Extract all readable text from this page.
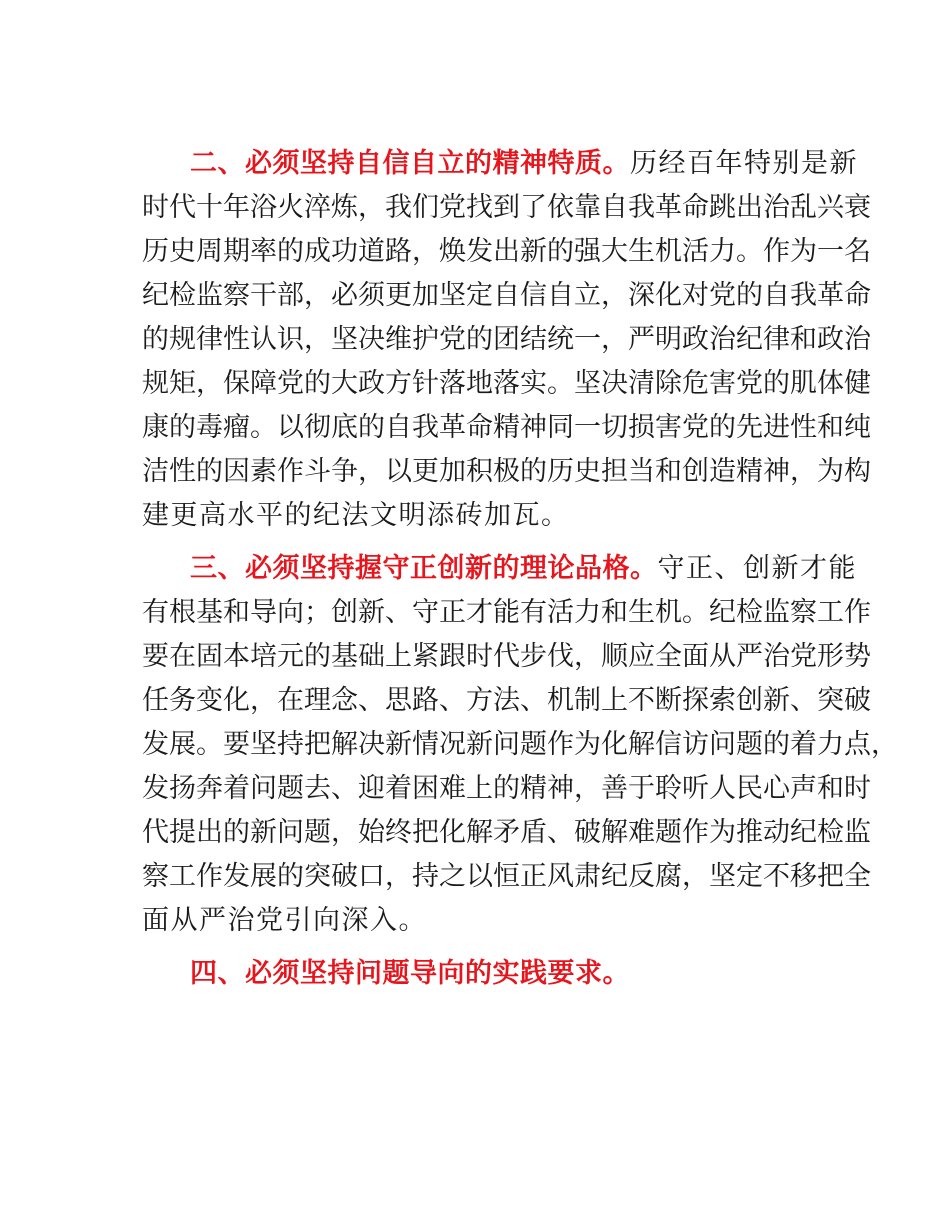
二、必须坚持自信自立的精神特质。历经百年特别是新
时代十年浴火淬炼，我们党找到了依靠自我革命跳出治乱兴衰
历史周期率的成功道路，焕发出新的强大生机活力。作为一名
纪检监察干部，必须更加坚定自信自立，深化对党的自我革命
的规律性认识，坚决维护党的团结统一，严明政治纪律和政治
规矩，保障党的大政方针落地落实。坚决清除危害党的肌体健
康的毒瘤。以彻底的自我革命精神同一切损害党的先进性和纯
洁性的因素作斗争，以更加积极的历史担当和创造精神，为构
建更高水平的纪法文明添砖加瓦。
三、必须坚持握守正创新的理论品格。守正、创新才能
有根基和导向；创新、守正才能有活力和生机。纪检监察工作
要在固本培元的基础上紧跟时代步伐，顺应全面从严治党形势
任务变化，在理念、思路、方法、机制上不断探索创新、突破
发展。要坚持把解决新情况新问题作为化解信访问题的着力点，
发扬奔着问题去、迎着困难上的精神，善于聆听人民心声和时
代提出的新问题，始终把化解矛盾、破解难题作为推动纪检监
察工作发展的突破口，持之以恒正风肃纪反腐，坚定不移把全
面从严治党引向深入。
四、必须坚持问题导向的实践要求。
